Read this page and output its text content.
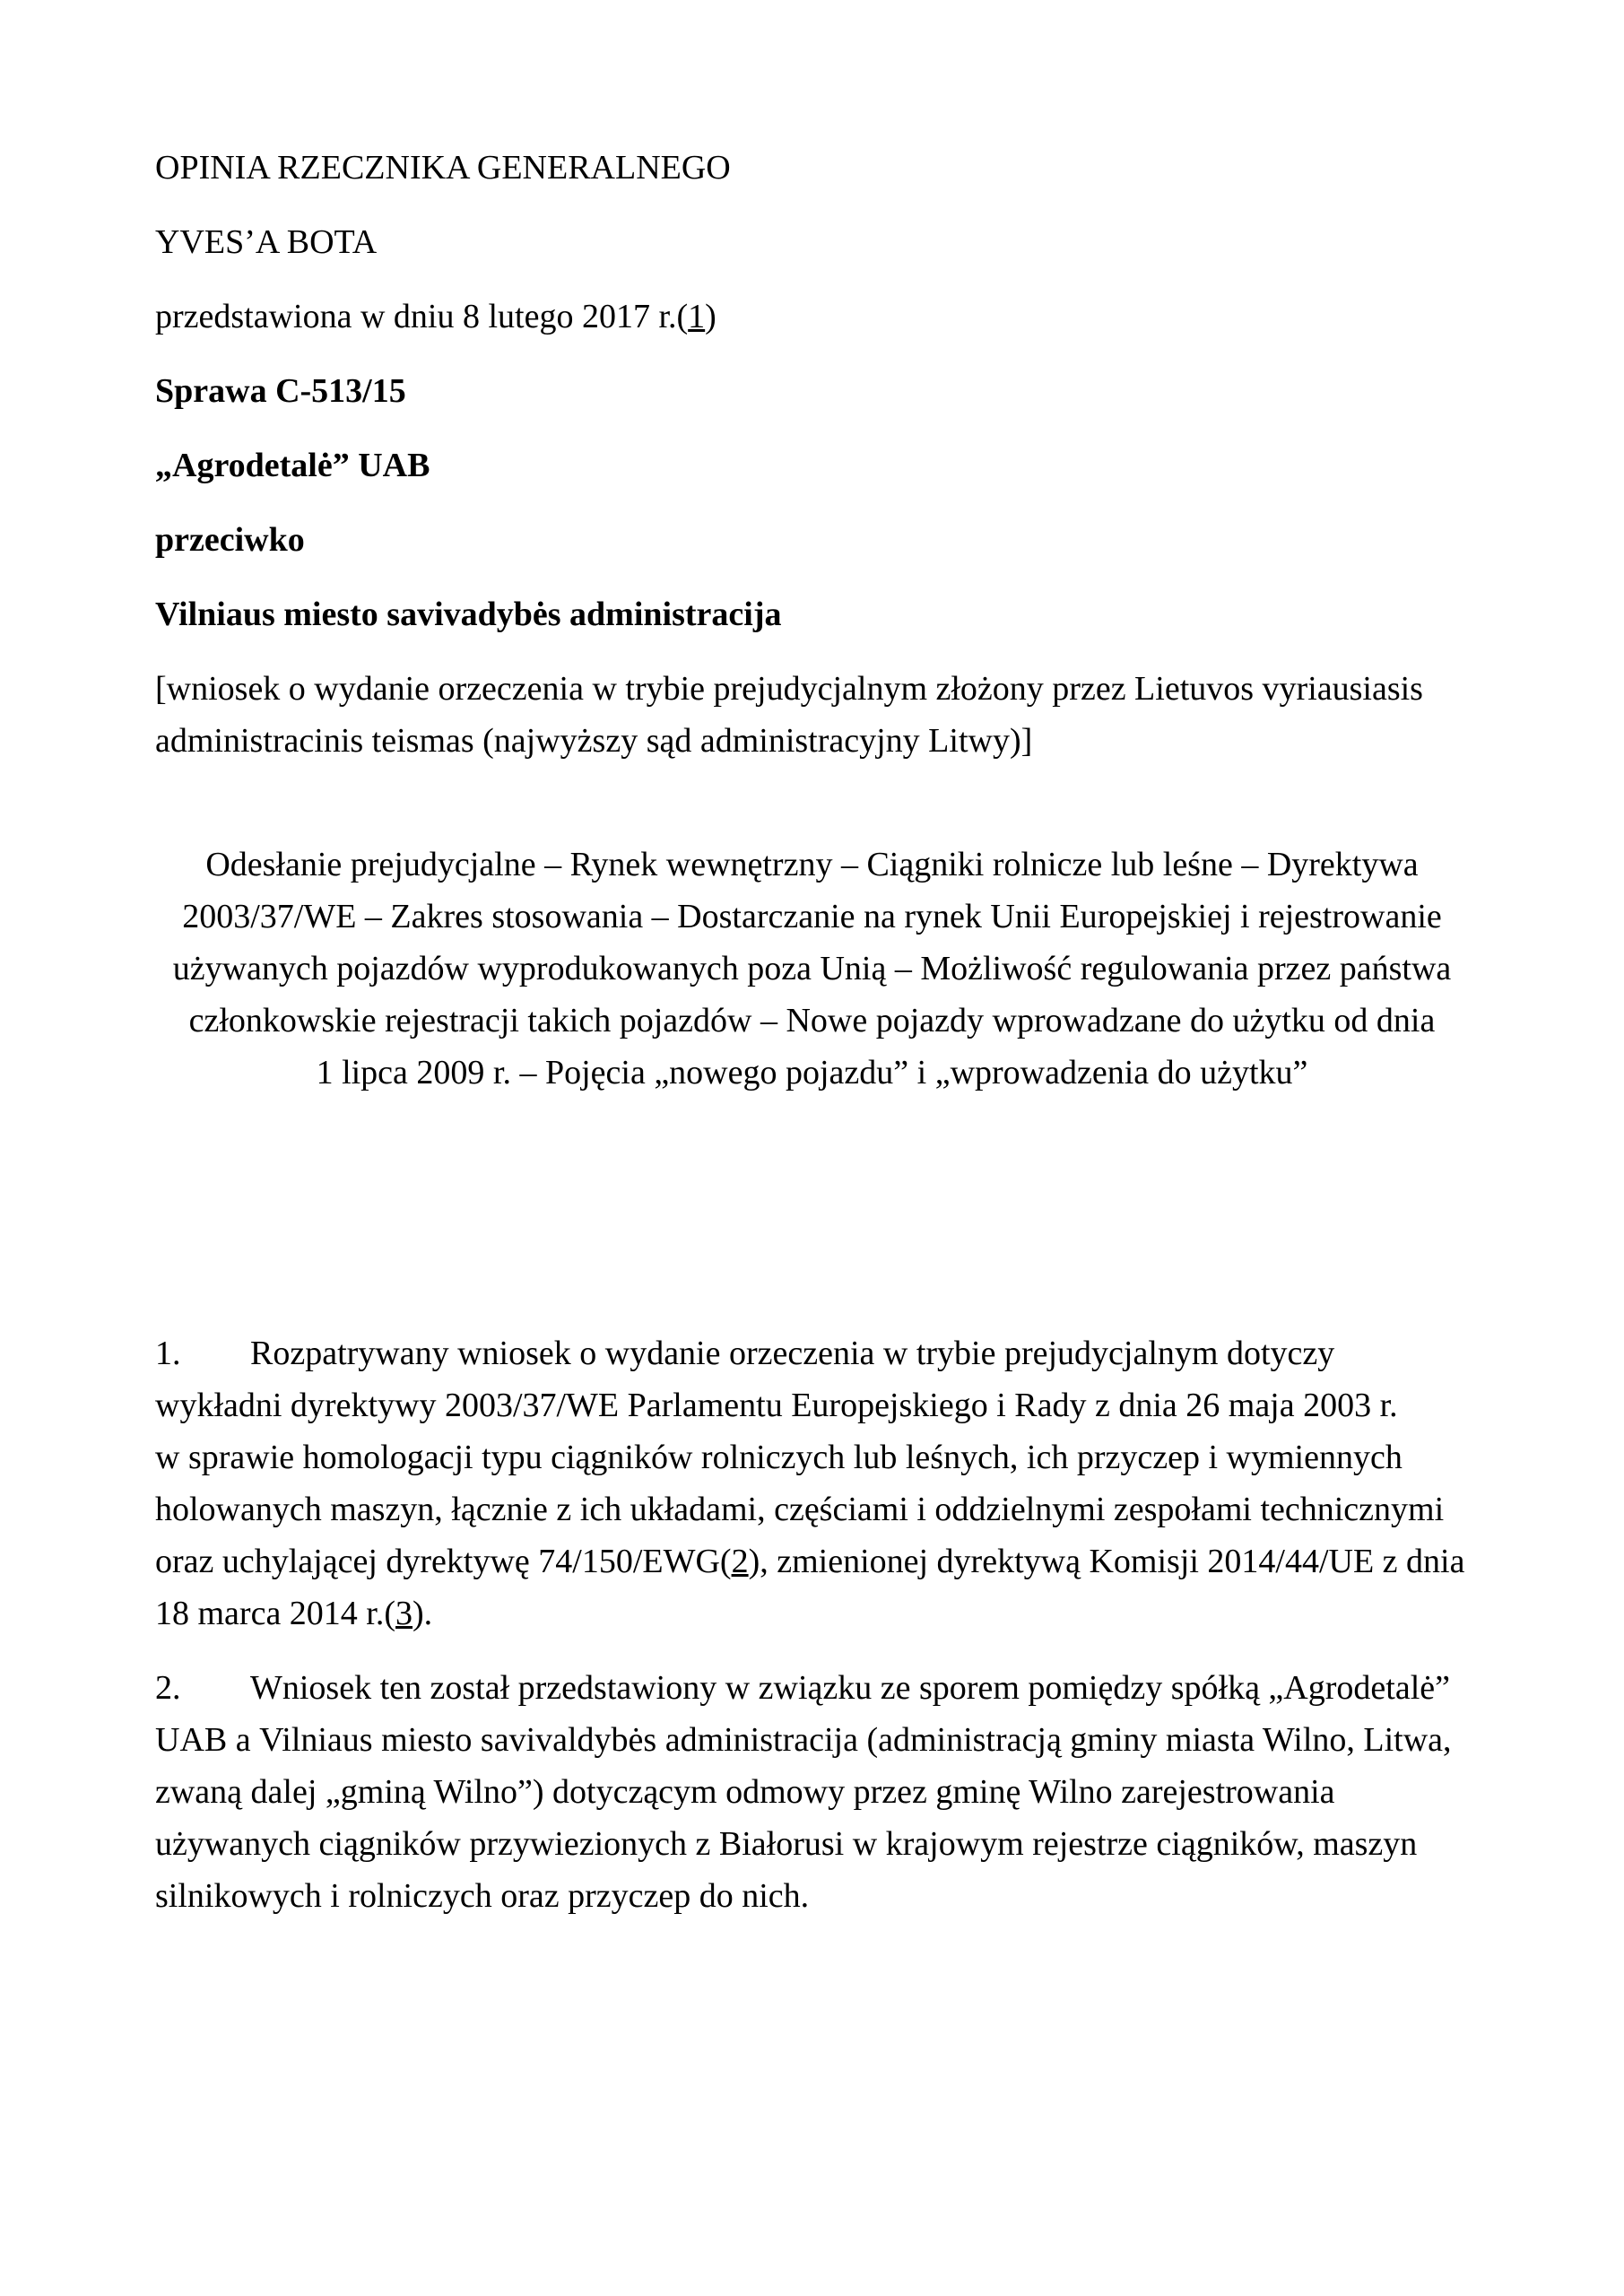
OPINIA RZECZNIKA GENERALNEGO

YVES’A BOTA

przedstawiona w dniu 8 lutego 2017 r.(1)

Sprawa C-513/15

„Agrodetalė” UAB

przeciwko

Vilniaus miesto savivadybės administracija

[wniosek o wydanie orzeczenia w trybie prejudycjalnym złożony przez Lietuvos vyriausiasis administracinis teismas (najwyższy sąd administracyjny Litwy)]

Odesłanie prejudycjalne – Rynek wewnętrzny – Ciągniki rolnicze lub leśne – Dyrektywa 2003/37/WE – Zakres stosowania – Dostarczanie na rynek Unii Europejskiej i rejestrowanie używanych pojazdów wyprodukowanych poza Unią – Możliwość regulowania przez państwa członkowskie rejestracji takich pojazdów – Nowe pojazdy wprowadzane do użytku od dnia 1 lipca 2009 r. – Pojęcia „nowego pojazdu” i „wprowadzenia do użytku”

1. Rozpatrywany wniosek o wydanie orzeczenia w trybie prejudycjalnym dotyczy wykładni dyrektywy 2003/37/WE Parlamentu Europejskiego i Rady z dnia 26 maja 2003 r. w sprawie homologacji typu ciągników rolniczych lub leśnych, ich przyczep i wymiennych holowanych maszyn, łącznie z ich układami, częściami i oddzielnymi zespołami technicznymi oraz uchylającej dyrektywę 74/150/EWG(2), zmienionej dyrektywą Komisji 2014/44/UE z dnia 18 marca 2014 r.(3).

2. Wniosek ten został przedstawiony w związku ze sporem pomiędzy spółką „Agrodetalė” UAB a Vilniaus miesto savivaldybės administracija (administracją gminy miasta Wilno, Litwa, zwaną dalej „gminą Wilno”) dotyczącym odmowy przez gminę Wilno zarejestrowania używanych ciągników przywiezionych z Białorusi w krajowym rejestrze ciągników, maszyn silnikowych i rolniczych oraz przyczep do nich.
